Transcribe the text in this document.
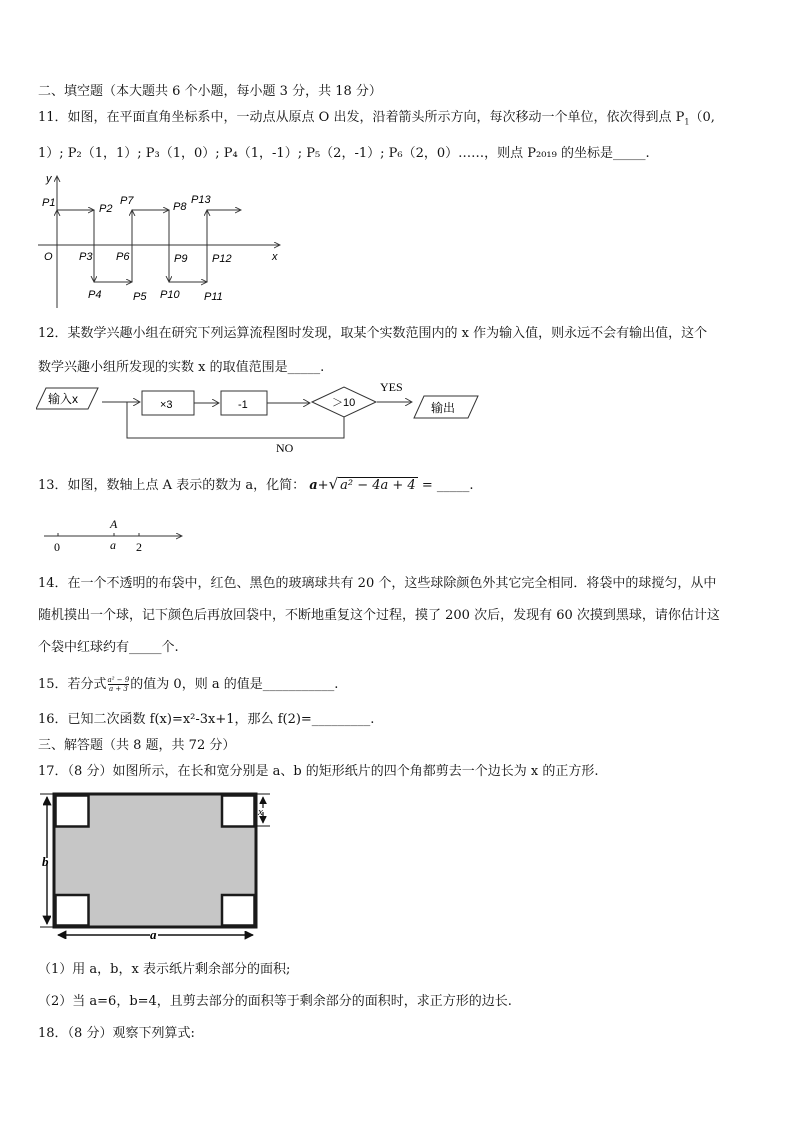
二、填空题（本大题共 6 个小题，每小题 3 分，共 18 分）
11．如图，在平面直角坐标系中，一动点从原点 O 出发，沿着箭头所示方向，每次移动一个单位，依次得到点 $P_1(0$,
1）; P₂（1，1）; P₃（1，0）; P₄（1，-1）; P₅（2，-1）; P₆（2，0）……，则点 P₂₀₁₉ 的坐标是_____.
y
x
O
P1	P2
P7	P8
P13
P3 P6	P9 P12
P4	P5 P10 P11
12．某数学兴趣小组在研究下列运算流程图时发现，取某个实数范围内的 x 作为输入值，则永远不会有输出值，这个
数学兴趣小组所发现的实数 x 的取值范围是_____.
输入x	×3	-1	＞10
YES
输出
NO
13．如图，数轴上点 A 表示的数为 a，化简： a+√ a² − 4a + 4 = _____.
0
A
a 2
14．在一个不透明的布袋中，红色、黑色的玻璃球共有 20 个，这些球除颜色外其它完全相同．将袋中的球搅匀，从中
随机摸出一个球，记下颜色后再放回袋中，不断地重复这个过程，摸了 200 次后，发现有 60 次摸到黑球，请你估计这
个袋中红球约有_____个.
15．若分式 $\frac{\text{a² − 9}}{a + 3}$ 的值为 0，则 a 的值是___________.
16．已知二次函数 f(x)=x²-3x+1，那么 f(2)=_________.
三、解答题（共 8 题，共 72 分）
17．（8 分）如图所示，在长和宽分别是 a、b 的矩形纸片的四个角都剪去一个边长为 x 的正方形.
b
a
x
（1）用 a，b，x 表示纸片剩余部分的面积;
（2）当 a=6，b=4，且剪去部分的面积等于剩余部分的面积时，求正方形的边长.
18．（8 分）观察下列算式:
